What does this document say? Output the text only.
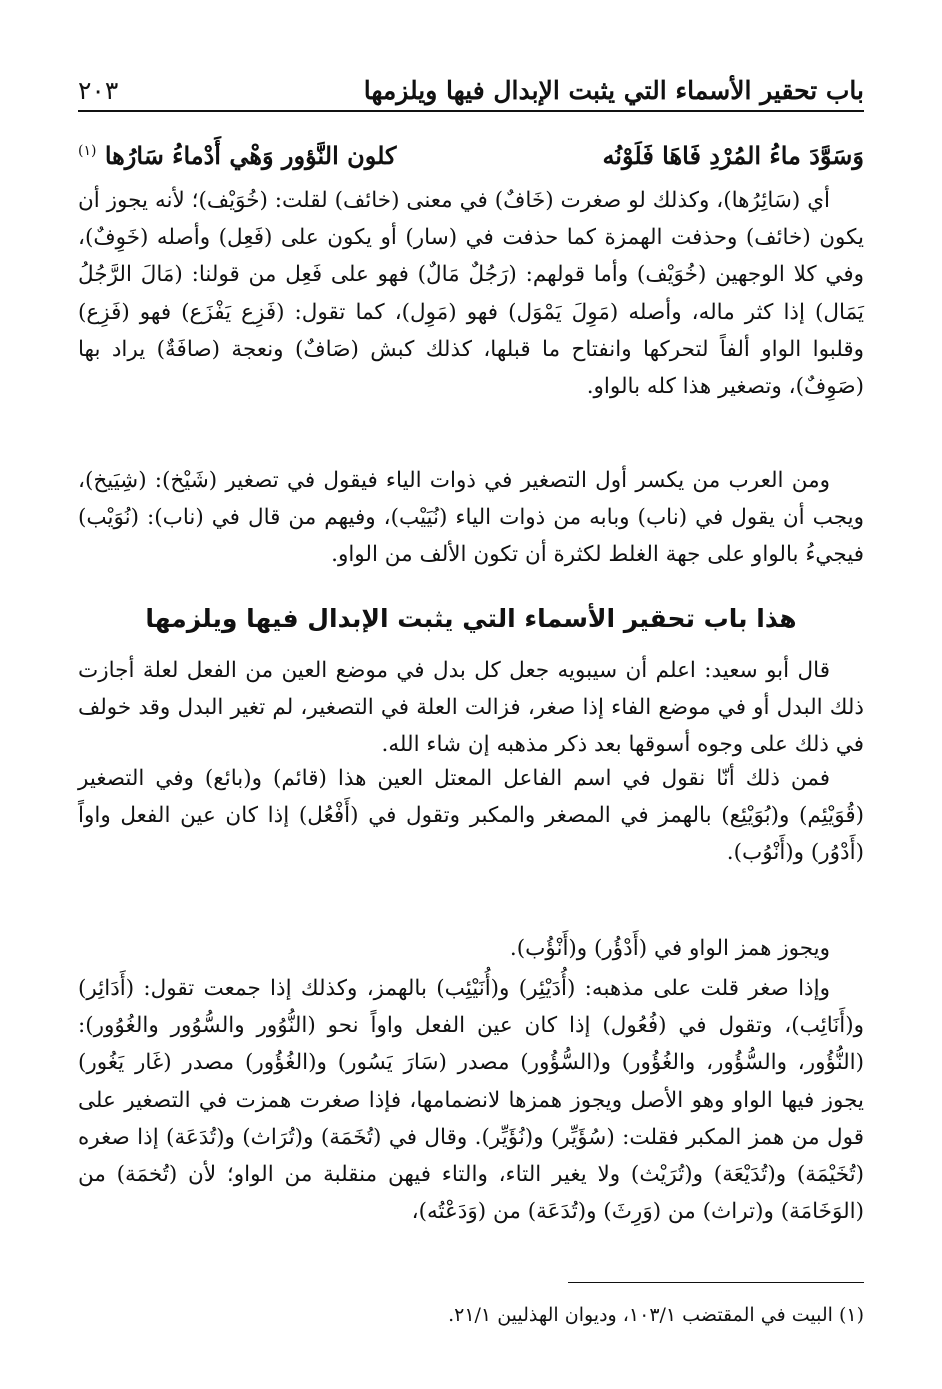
باب تحقير الأسماء التي يثبت الإبدال فيها ويلزمها
٢٠٣
وَسَوَّدَ ماءُ المُرْدِ فَاهَا فَلَوْنُه
كلون النَّؤور وَهْي أَدْماءُ سَارُها $^{(١)}$

أي (سَائِرُها)، وكذلك لو صغرت (خَافٌ) في معنى (خائف) لقلت: (خُوَيْف)؛ لأنه يجوز أن يكون (خائف) وحذفت الهمزة كما حذفت في (سار) أو يكون على (فَعِل) وأصله (خَوِفٌ)، وفي كلا الوجهين (خُوَيْف) وأما قولهم: (رَجُلٌ مَالٌ) فهو على فَعِل من قولنا: (مَالَ الرَّجُلُ يَمَال) إذا كثر ماله، وأصله (مَوِلَ يَمْوَل) فهو (مَوِل)، كما تقول: (فَزِع يَفْزَع) فهو (فَزِع) وقلبوا الواو ألفاً لتحركها وانفتاح ما قبلها، كذلك كبش (صَافٌ) ونعجة (صافَةٌ) يراد بها (صَوِفٌ)، وتصغير هذا كله بالواو.

ومن العرب من يكسر أول التصغير في ذوات الياء فيقول في تصغير (شَيْخ): (شِيَيخ)، ويجب أن يقول في (ناب) وبابه من ذوات الياء (نُيَيْب)، وفيهم من قال في (ناب): (نُوَيْب) فيجيءُ بالواو على جهة الغلط لكثرة أن تكون الألف من الواو.

هذا باب تحقير الأسماء التي يثبت الإبدال فيها ويلزمها

قال أبو سعيد: اعلم أن سيبويه جعل كل بدل في موضع العين من الفعل لعلة أجازت ذلك البدل أو في موضع الفاء إذا صغر، فزالت العلة في التصغير، لم تغير البدل وقد خولف في ذلك على وجوه أسوقها بعد ذكر مذهبه إن شاء الله.

فمن ذلك أنّا نقول في اسم الفاعل المعتل العين هذا (قائم) و(بائع) وفي التصغير (قُوَيْئِم) و(بُوَيْئِع) بالهمز في المصغر والمكبر وتقول في (أَفْعُل) إذا كان عين الفعل واواً (أَدْوُر) و(أَنْوُب).

ويجوز همز الواو في (أَدْؤُر) و(أَنْؤُب).

وإذا صغر قلت على مذهبه: (أُدَيْئِر) و(أُنَيْئِب) بالهمز، وكذلك إذا جمعت تقول: (أَدَائِر) و(أَنَائِب)، وتقول في (فُعُول) إذا كان عين الفعل واواً نحو (النُّوُور والسُّوُور والغُوُور): (النُّؤُور، والسُّؤُور، والغُؤُور) و(السُّؤُور) مصدر (سَارَ يَسُور) و(الغُؤُور) مصدر (غَار يَغُور) يجوز فيها الواو وهو الأصل ويجوز همزها لانضمامها، فإذا صغرت همزت في التصغير على قول من همز المكبر فقلت: (سُؤَيِّر) و(نُؤَيِّر). وقال في (تُخَمَة) و(تُرَاث) و(تُدَعَة) إذا صغره (تُخَيْمَة) و(تُدَيْعَة) و(تُرَيْث) ولا يغير التاء، والتاء فيهن منقلبة من الواو؛ لأن (تُخمَة) من (الوَخَامَة) و(تراث) من (وَرِثَ) و(تُدَعَة) من (وَدَعْتُه)،

(١) البيت في المقتضب ١٠٣/١، وديوان الهذليين ٢١/١.
